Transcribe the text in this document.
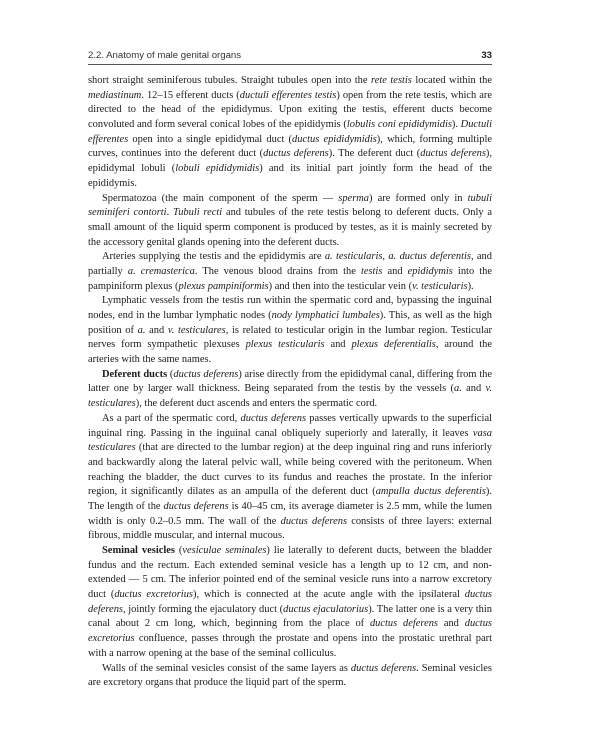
2.2. Anatomy of male genital organs	33

short straight seminiferous tubules. Straight tubules open into the rete testis located within the mediastinum. 12–15 efferent ducts (ductuli efferentes testis) open from the rete testis, which are directed to the head of the epididymus. Upon exiting the testis, efferent ducts become convoluted and form several conical lobes of the epididymis (lobulis coni epididymidis). Ductuli efferentes open into a single epididymal duct (ductus epididymidis), which, forming multiple curves, continues into the deferent duct (ductus deferens). The deferent duct (ductus deferens), epididymal lobuli (lobuli epididymidis) and its initial part jointly form the head of the epididymis.

Spermatozoa (the main component of the sperm — sperma) are formed only in tubuli seminiferi contorti. Tubuli recti and tubules of the rete testis belong to deferent ducts. Only a small amount of the liquid sperm component is produced by testes, as it is mainly secreted by the accessory genital glands opening into the deferent ducts.

Arteries supplying the testis and the epididymis are a. testicularis, a. ductus deferentis, and partially a. cremasterica. The venous blood drains from the testis and epididymis into the pampiniform plexus (plexus pampiniformis) and then into the testicular vein (v. testicularis).

Lymphatic vessels from the testis run within the spermatic cord and, bypassing the inguinal nodes, end in the lumbar lymphatic nodes (nody lymphatici lumbales). This, as well as the high position of a. and v. testiculares, is related to testicular origin in the lumbar region. Testicular nerves form sympathetic plexuses plexus testicularis and plexus deferentialis, around the arteries with the same names.

Deferent ducts (ductus deferens) arise directly from the epididymal canal, differing from the latter one by larger wall thickness. Being separated from the testis by the vessels (a. and v. testiculares), the deferent duct ascends and enters the spermatic cord.

As a part of the spermatic cord, ductus deferens passes vertically upwards to the superficial inguinal ring. Passing in the inguinal canal obliquely superiorly and laterally, it leaves vasa testiculares (that are directed to the lumbar region) at the deep inguinal ring and runs inferiorly and backwardly along the lateral pelvic wall, while being covered with the peritoneum. When reaching the bladder, the duct curves to its fundus and reaches the prostate. In the inferior region, it significantly dilates as an ampulla of the deferent duct (ampulla ductus deferentis). The length of the ductus deferens is 40–45 cm, its average diameter is 2.5 mm, while the lumen width is only 0.2–0.5 mm. The wall of the ductus deferens consists of three layers: external fibrous, middle muscular, and internal mucous.

Seminal vesicles (vesiculae seminales) lie laterally to deferent ducts, between the bladder fundus and the rectum. Each extended seminal vesicle has a length up to 12 cm, and non-extended — 5 cm. The inferior pointed end of the seminal vesicle runs into a narrow excretory duct (ductus excretorius), which is connected at the acute angle with the ipsilateral ductus deferens, jointly forming the ejaculatory duct (ductus ejaculatorius). The latter one is a very thin canal about 2 cm long, which, beginning from the place of ductus deferens and ductus excretorius confluence, passes through the prostate and opens into the prostatic urethral part with a narrow opening at the base of the seminal colliculus.

Walls of the seminal vesicles consist of the same layers as ductus deferens. Seminal vesicles are excretory organs that produce the liquid part of the sperm.
